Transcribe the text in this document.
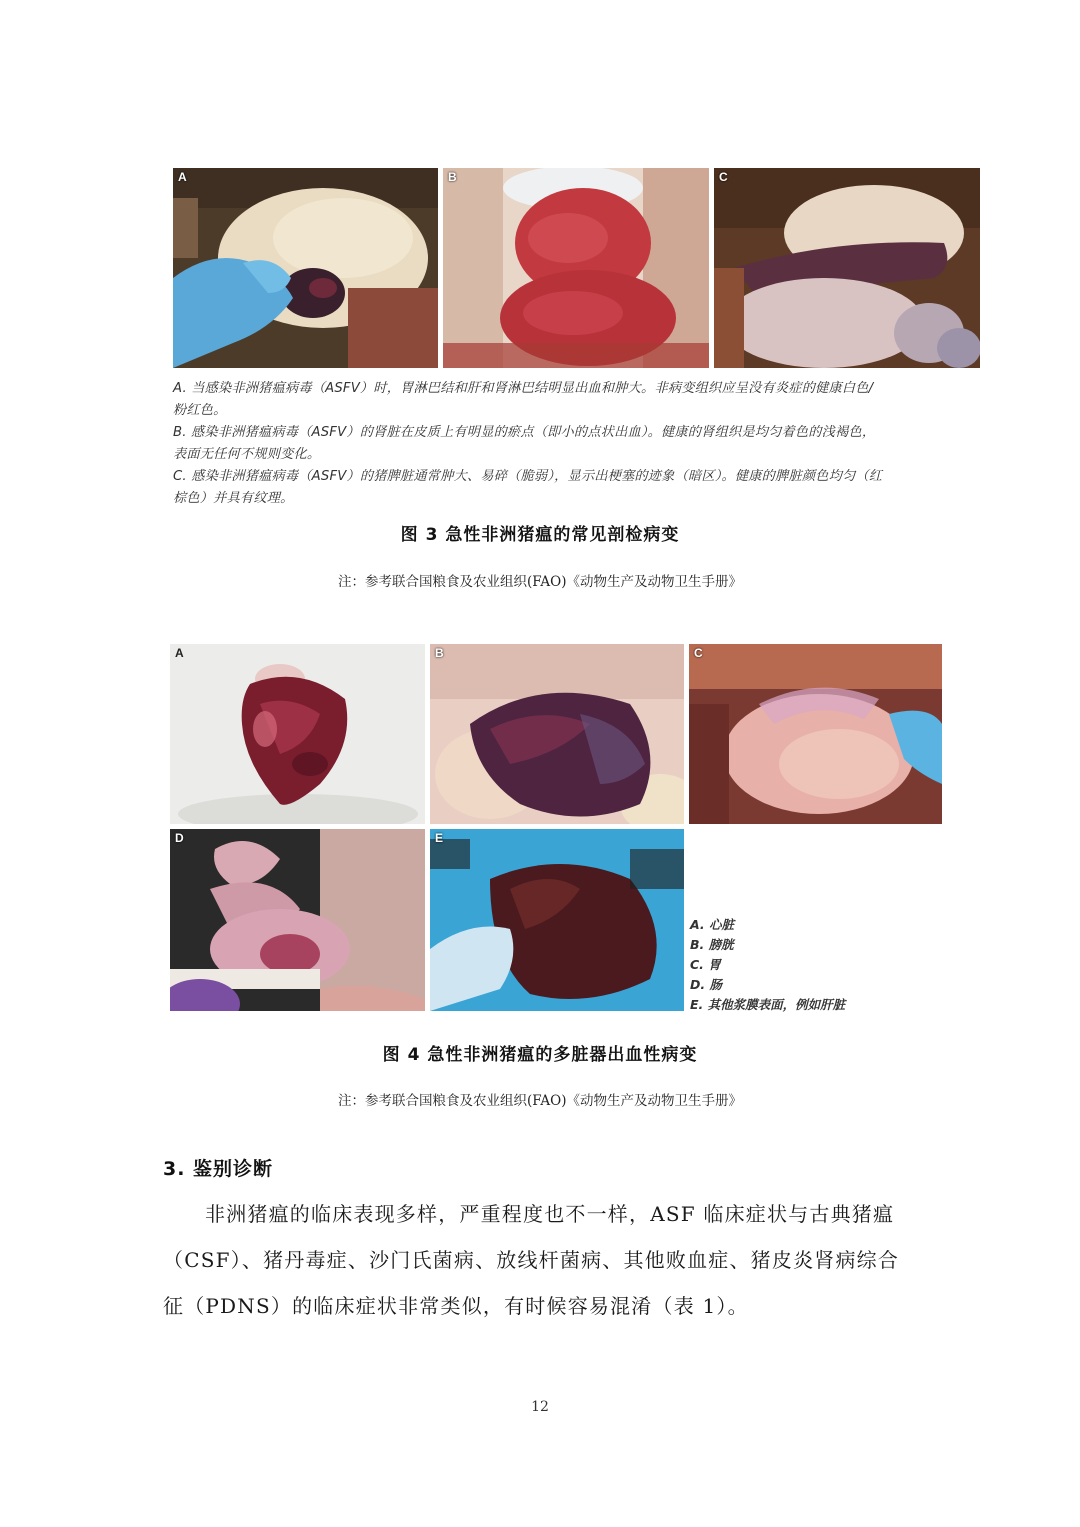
A	B	C
A. 当感染非洲猪瘟病毒（ASFV）时，胃淋巴结和肝和肾淋巴结明显出血和肿大。非病变组织应呈没有炎症的健康白色/
粉红色。
B. 感染非洲猪瘟病毒（ASFV）的肾脏在皮质上有明显的瘀点（即小的点状出血）。健康的肾组织是均匀着色的浅褐色，
表面无任何不规则变化。
C. 感染非洲猪瘟病毒（ASFV）的猪脾脏通常肿大、易碎（脆弱），显示出梗塞的迹象（暗区）。健康的脾脏颜色均匀（红
棕色）并具有纹理。
图 3 急性非洲猪瘟的常见剖检病变
注：参考联合国粮食及农业组织(FAO)《动物生产及动物卫生手册》
A	B	C
D	E
A. 心脏
B. 膀胱
C. 胃
D. 肠
E. 其他浆膜表面，例如肝脏
图 4 急性非洲猪瘟的多脏器出血性病变
注：参考联合国粮食及农业组织(FAO)《动物生产及动物卫生手册》
3. 鉴别诊断
非洲猪瘟的临床表现多样，严重程度也不一样，ASF 临床症状与古典猪瘟
（CSF）、猪丹毒症、沙门氏菌病、放线杆菌病、其他败血症、猪皮炎肾病综合
征（PDNS）的临床症状非常类似，有时候容易混淆（表 1）。
12
